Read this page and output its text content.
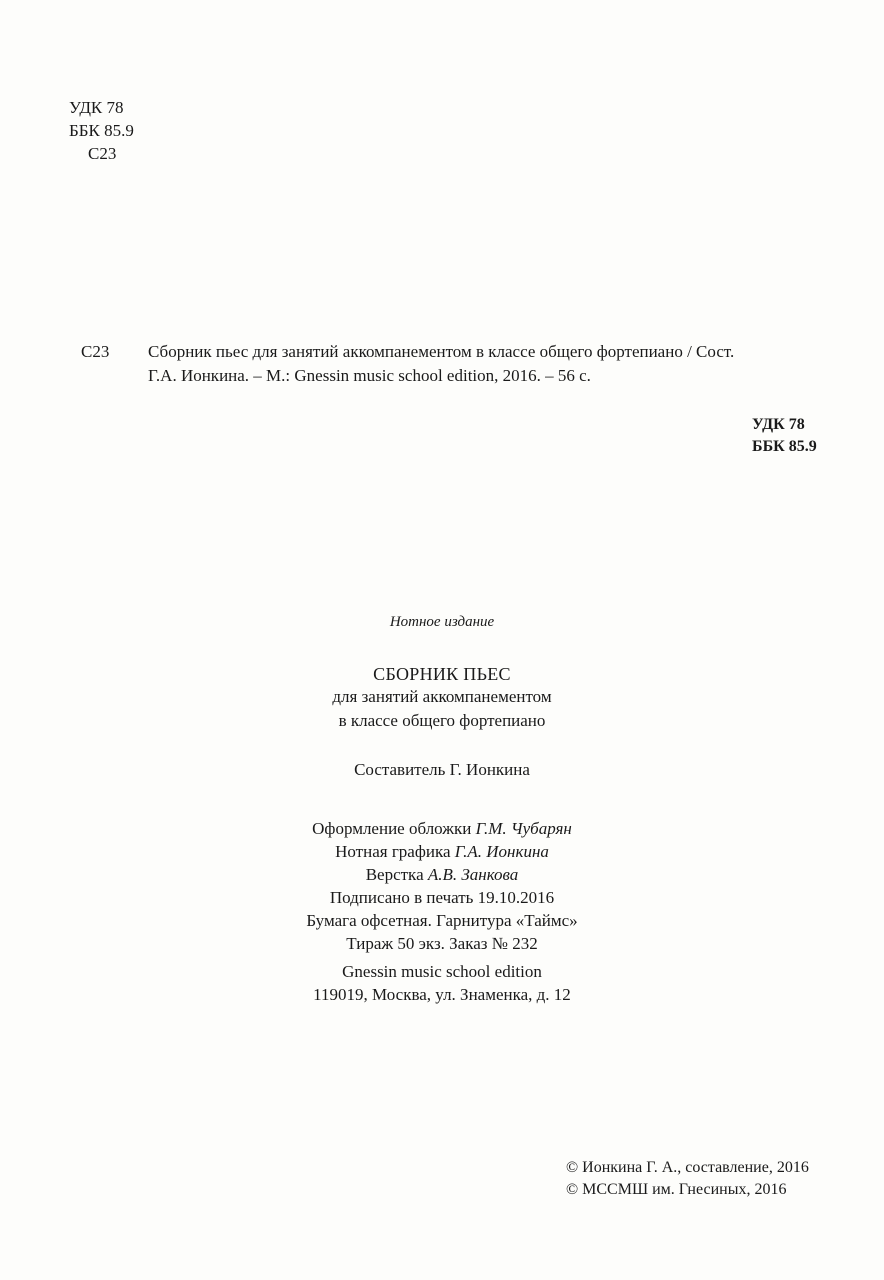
УДК 78
ББК 85.9
С23
С23 Сборник пьес для занятий аккомпанементом в классе общего фортепиано / Сост.
Г.А. Ионкина. – М.: Gnessin music school edition, 2016. – 56 с.
УДК 78
ББК 85.9
Нотное издание
СБОРНИК ПЬЕС
для занятий аккомпанементом
в классе общего фортепиано
Составитель Г. Ионкина
Оформление обложки Г.М. Чубарян
Нотная графика Г.А. Ионкина
Верстка А.В. Занкова
Подписано в печать 19.10.2016
Бумага офсетная. Гарнитура «Таймс»
Тираж 50 экз. Заказ № 232
Gnessin music school edition
119019, Москва, ул. Знаменка, д. 12
© Ионкина Г. А., составление, 2016
© МССМШ им. Гнесиных, 2016
